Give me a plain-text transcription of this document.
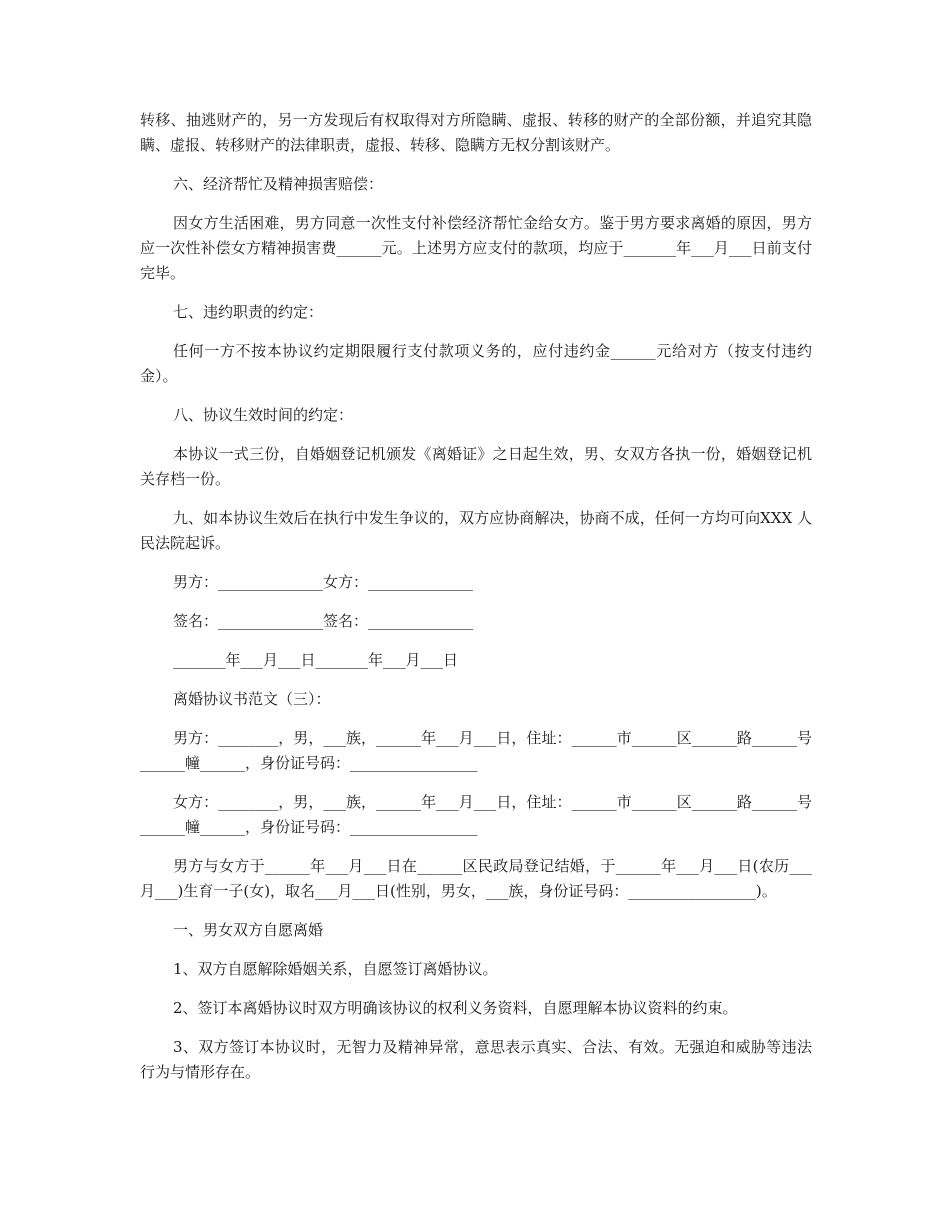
转移、抽逃财产的，另一方发现后有权取得对方所隐瞒、虚报、转移的财产的全部份额，并追究其隐瞒、虚报、转移财产的法律职责，虚报、转移、隐瞒方无权分割该财产。

六、经济帮忙及精神损害赔偿：

因女方生活困难，男方同意一次性支付补偿经济帮忙金给女方。鉴于男方要求离婚的原因，男方应一次性补偿女方精神损害费______元。上述男方应支付的款项，均应于_______年___月___日前支付完毕。

七、违约职责的约定：

任何一方不按本协议约定期限履行支付款项义务的，应付违约金______元给对方（按支付违约金）。

八、协议生效时间的约定：

本协议一式三份，自婚姻登记机颁发《离婚证》之日起生效，男、女双方各执一份，婚姻登记机关存档一份。

九、如本协议生效后在执行中发生争议的，双方应协商解决，协商不成，任何一方均可向XXX 人民法院起诉。

男方：______________女方：______________

签名：______________签名：______________

_______年___月___日_______年___月___日

离婚协议书范文（三）：

男方：________，男，___族，______年___月___日，住址：______市______区______路______号______幢______，身份证号码：_________________

女方：________，男，___族，______年___月___日，住址：______市______区______路______号______幢______，身份证号码：_________________

男方与女方于______年___月___日在______区民政局登记结婚，于______年___月___日(农历___月___)生育一子(女)，取名___月___日(性别，男女，___族，身份证号码：_________________)。

一、男女双方自愿离婚

1、双方自愿解除婚姻关系，自愿签订离婚协议。

2、签订本离婚协议时双方明确该协议的权利义务资料，自愿理解本协议资料的约束。

3、双方签订本协议时，无智力及精神异常，意思表示真实、合法、有效。无强迫和威胁等违法行为与情形存在。
